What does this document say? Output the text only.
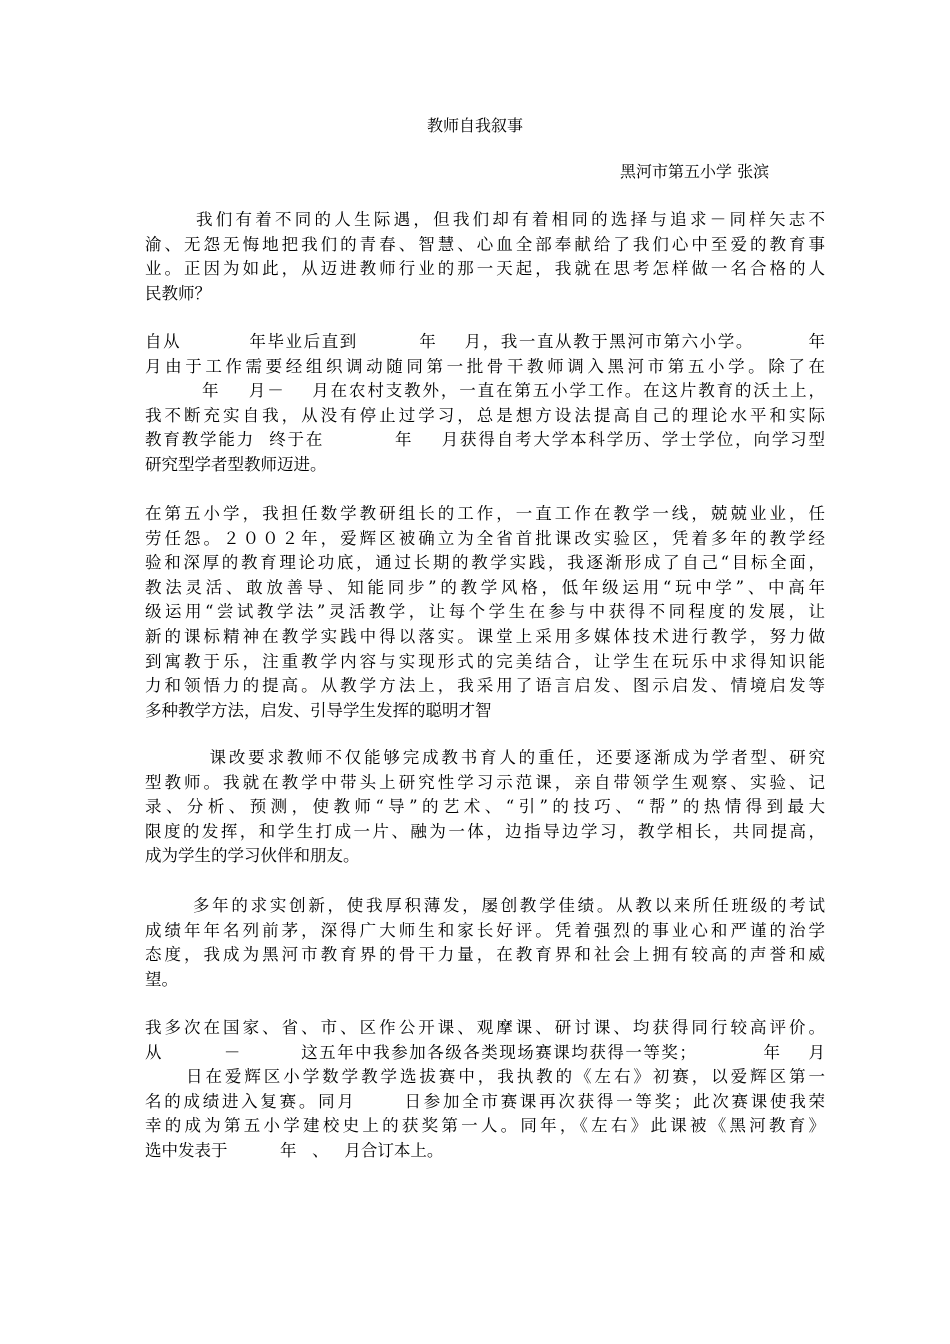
教师自我叙事
黑河市第五小学 张滨
我们有着不同的人生际遇，但我们却有着相同的选择与追求－同样矢志不
渝、无怨无悔地把我们的青春、智慧、心血全部奉献给了我们心中至爱的教育事
业。正因为如此，从迈进教师行业的那一天起，我就在思考怎样做一名合格的人
民教师？
自从          年毕业后直到         年    月，我一直从教于黑河市第六小学。        年
月由于工作需要经组织调动随同第一批骨干教师调入黑河市第五小学。除了在
年    月－    月在农村支教外，一直在第五小学工作。在这片教育的沃土上，
我不断充实自我，从没有停止过学习，总是想方设法提高自己的理论水平和实际
教育教学能力  终于在          年    月获得自考大学本科学历、学士学位，向学习型
研究型学者型教师迈进。
在第五小学，我担任数学教研组长的工作，一直工作在教学一线，兢兢业业，任
劳任怨。２００２年，爱辉区被确立为全省首批课改实验区，凭着多年的教学经
验和深厚的教育理论功底，通过长期的教学实践，我逐渐形成了自己“目标全面，
教法灵活、敢放善导、知能同步”的教学风格，低年级运用“玩中学”、中高年
级运用“尝试教学法”灵活教学，让每个学生在参与中获得不同程度的发展，让
新的课标精神在教学实践中得以落实。课堂上采用多媒体技术进行教学，努力做
到寓教于乐，注重教学内容与实现形式的完美结合，让学生在玩乐中求得知识能
力和领悟力的提高。从教学方法上，我采用了语言启发、图示启发、情境启发等
多种教学方法，启发、引导学生发挥的聪明才智
课改要求教师不仅能够完成教书育人的重任，还要逐渐成为学者型、研究
型教师。我就在教学中带头上研究性学习示范课，亲自带领学生观察、实验、记
录、分析、预测，使教师“导”的艺术、“引”的技巧、“帮”的热情得到最大
限度的发挥，和学生打成一片、融为一体，边指导边学习，教学相长，共同提高，
成为学生的学习伙伴和朋友。
多年的求实创新，使我厚积薄发，屡创教学佳绩。从教以来所任班级的考试
成绩年年名列前茅，深得广大师生和家长好评。凭着强烈的事业心和严谨的治学
态度，我成为黑河市教育界的骨干力量，在教育界和社会上拥有较高的声誉和威
望。
我多次在国家、省、市、区作公开课、观摩课、研讨课、均获得同行较高评价。
从         －         这五年中我参加各级各类现场赛课均获得一等奖；          年    月
日在爱辉区小学数学教学选拔赛中，我执教的《左右》初赛，以爱辉区第一
名的成绩进入复赛。同月      日参加全市赛课再次获得一等奖；此次赛课使我荣
幸的成为第五小学建校史上的获奖第一人。同年，《左右》此课被《黑河教育》
选中发表于          年   、   月合订本上。
